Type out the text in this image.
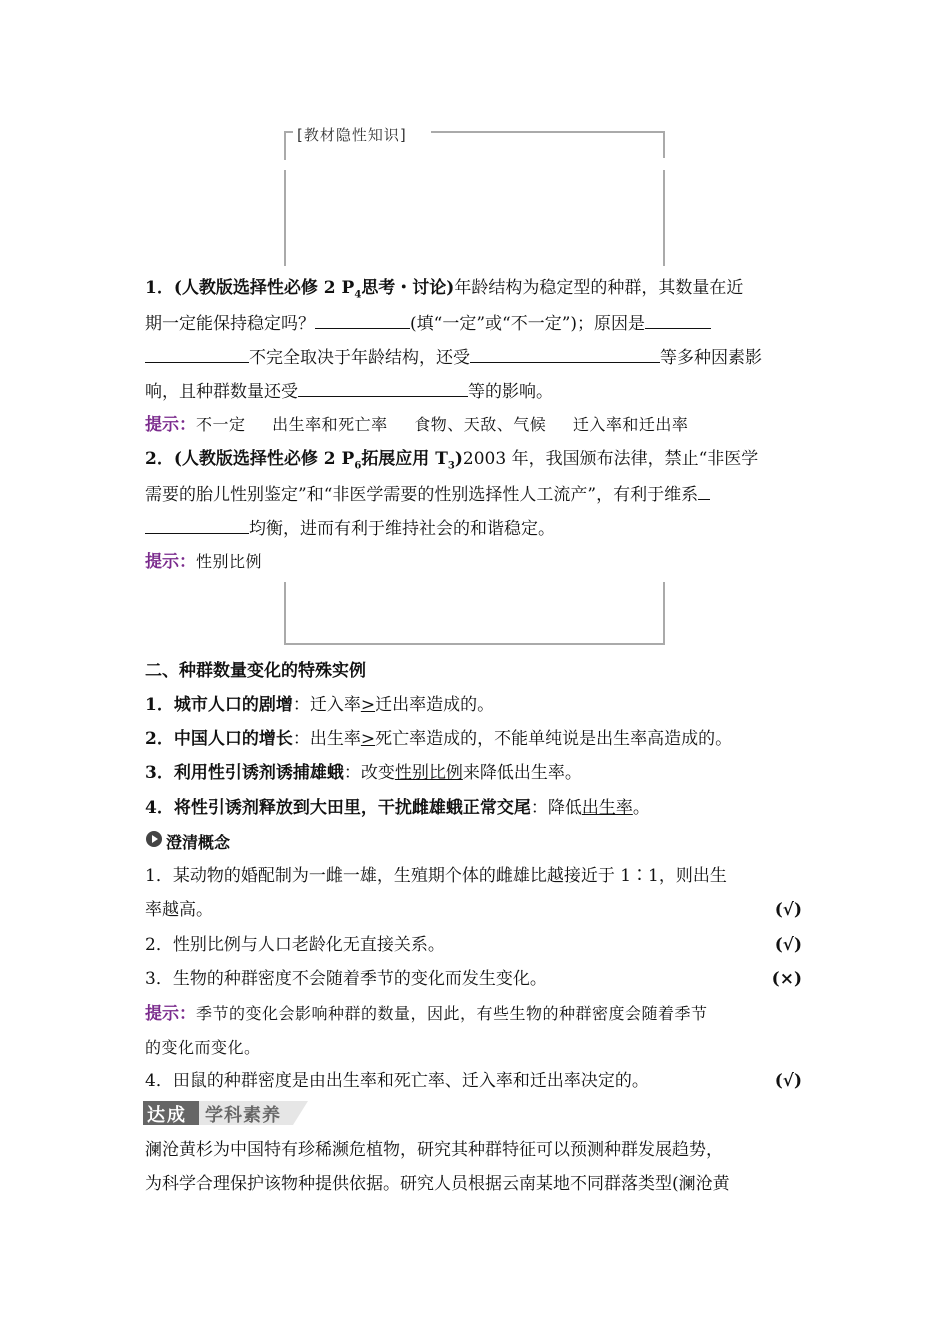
[教材隐性知识]
1．(人教版选择性必修 2 $P_4$思考・讨论)年龄结构为稳定型的种群，其数量在近
期一定能保持稳定吗？	(填“一定”或“不一定”)；原因是
不完全取决于年龄结构，还受	等多种因素影
响，且种群数量还受	等的影响。
提示：不一定　 出生率和死亡率　 食物、天敌、气候　 迁入率和迁出率
2．(人教版选择性必修 2 $P_6$拓展应用 $T_3)2003$ 年，我国颁布法律，禁止“非医学
需要的胎儿性别鉴定”和“非医学需要的性别选择性人工流产”，有利于维系
均衡，进而有利于维持社会的和谐稳定。
提示：性别比例
二、种群数量变化的特殊实例
1．城市人口的剧增：迁入率>迁出率造成的。
2．中国人口的增长：出生率>死亡率造成的，不能单纯说是出生率高造成的。
3．利用性引诱剂诱捕雄蛾：改变性别比例来降低出生率。
4．将性引诱剂释放到大田里，干扰雌雄蛾正常交尾：降低出生率。
澄清概念
1．某动物的婚配制为一雌一雄，生殖期个体的雌雄比越接近于 1∶1，则出生
率越高。	(√)
2．性别比例与人口老龄化无直接关系。	(√)
3．生物的种群密度不会随着季节的变化而发生变化。	(×)
提示：季节的变化会影响种群的数量，因此，有些生物的种群密度会随着季节
的变化而变化。
4．田鼠的种群密度是由出生率和死亡率、迁入率和迁出率决定的。	(√)
达成 学科素养
澜沧黄杉为中国特有珍稀濒危植物，研究其种群特征可以预测种群发展趋势，
为科学合理保护该物种提供依据。研究人员根据云南某地不同群落类型(澜沧黄
